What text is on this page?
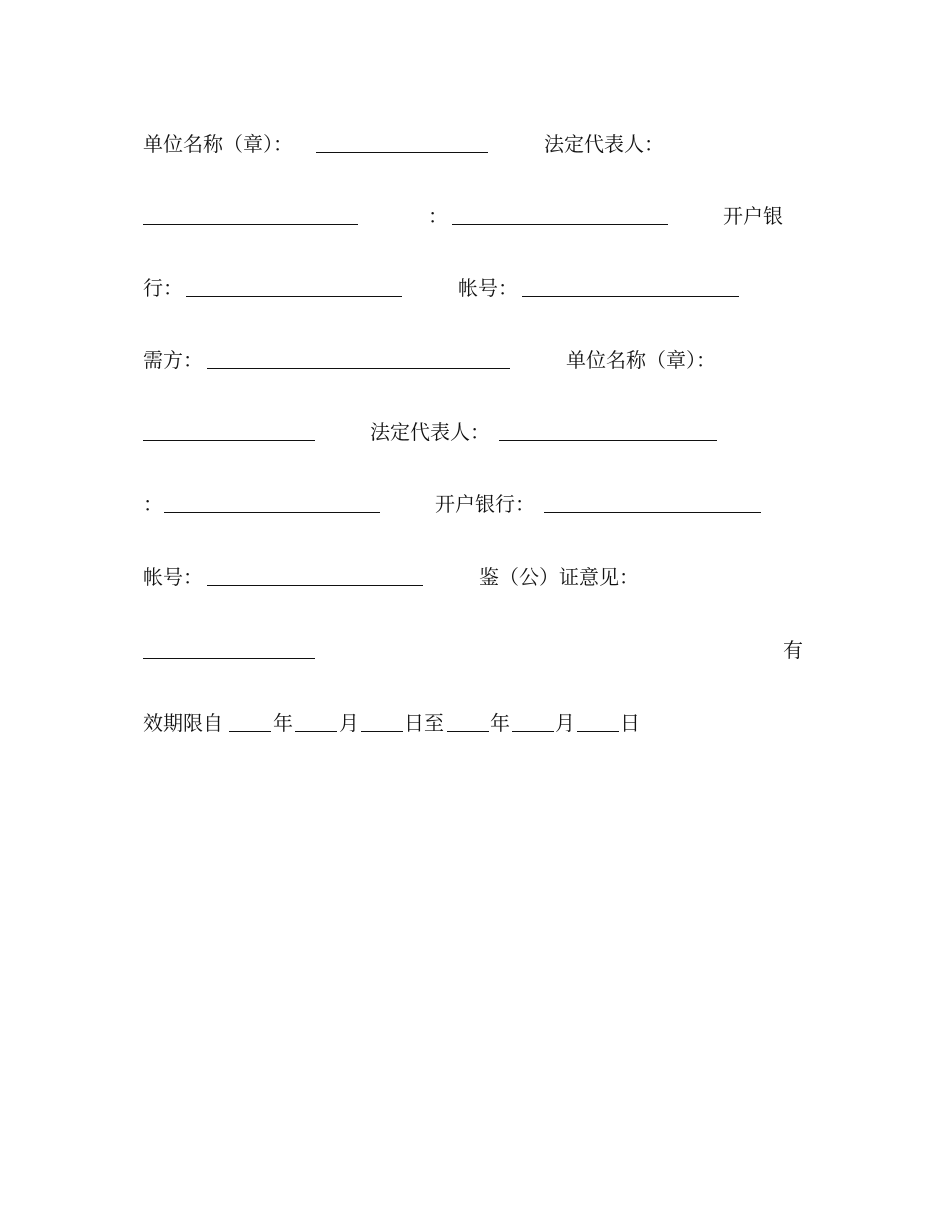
单位名称（章）：	法定代表人：
：	开户银
行：	帐号：
需方：	单位名称（章）：
法定代表人：
：	开户银行：
帐号：	鉴（公）证意见：
有
效期限自	年 月 日至 年 月 日
